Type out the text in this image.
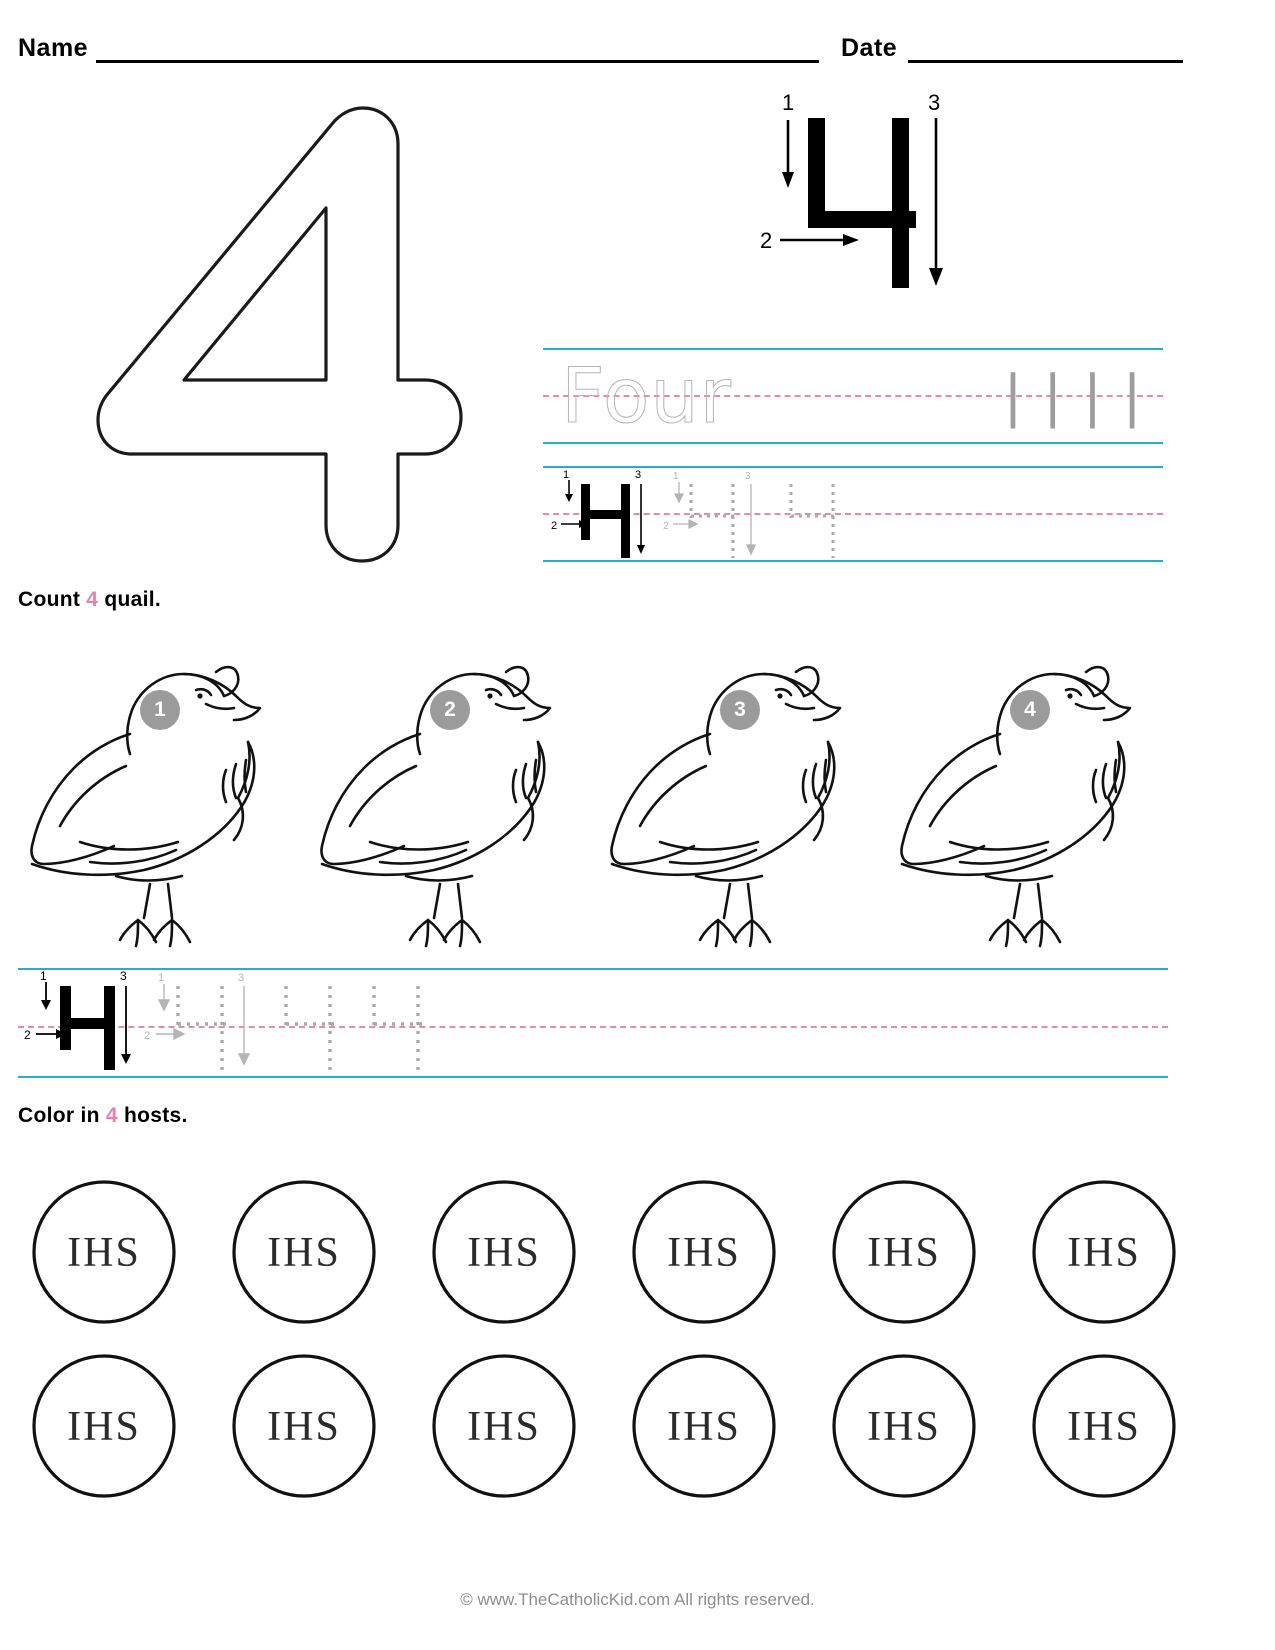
Name	Date
1
2
3
Four	||||
1
2
3	1
2
3
Count 4 quail.
1	2	3	4
1
2
3	1
2
3
Color in 4 hosts.
IHS	IHS	IHS	IHS	IHS	IHS
IHS	IHS	IHS	IHS	IHS	IHS
© www.TheCatholicKid.com All rights reserved.
